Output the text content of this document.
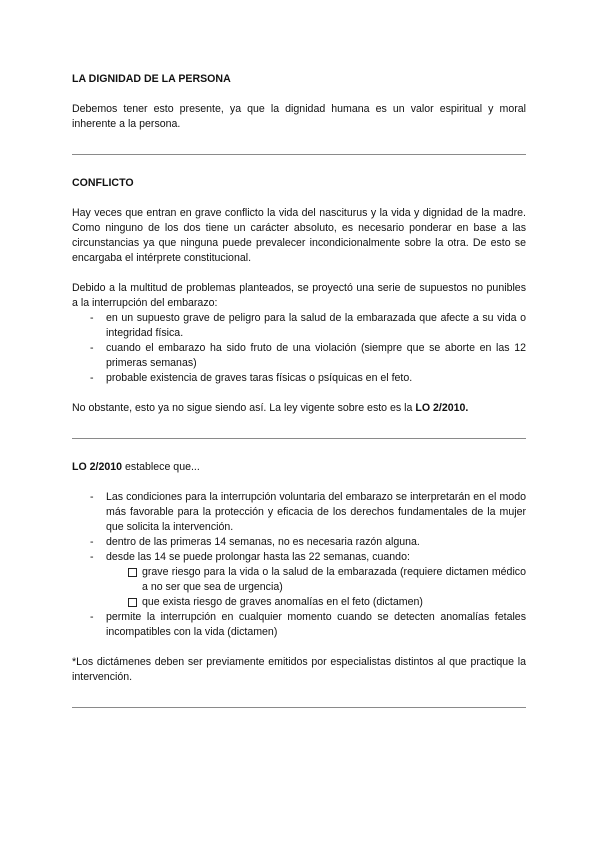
LA DIGNIDAD DE LA PERSONA

Debemos tener esto presente, ya que la dignidad humana es un valor espiritual y moral inherente a la persona.

CONFLICTO

Hay veces que entran en grave conflicto la vida del nasciturus y la vida y dignidad de la madre. Como ninguno de los dos tiene un carácter absoluto, es necesario ponderar en base a las circunstancias ya que ninguna puede prevalecer incondicionalmente sobre la otra. De esto se encargaba el intérprete constitucional.

Debido a la multitud de problemas planteados, se proyectó una serie de supuestos no punibles a la interrupción del embarazo:

- en un supuesto grave de peligro para la salud de la embarazada que afecte a su vida o integridad física.
- cuando el embarazo ha sido fruto de una violación (siempre que se aborte en las 12 primeras semanas)
- probable existencia de graves taras físicas o psíquicas en el feto.

No obstante, esto ya no sigue siendo así. La ley vigente sobre esto es la LO 2/2010.

LO 2/2010 establece que...

- Las condiciones para la interrupción voluntaria del embarazo se interpretarán en el modo más favorable para la protección y eficacia de los derechos fundamentales de la mujer que solicita la intervención.
- dentro de las primeras 14 semanas, no es necesaria razón alguna.
- desde las 14 se puede prolongar hasta las 22 semanas, cuando:
grave riesgo para la vida o la salud de la embarazada (requiere dictamen médico a no ser que sea de urgencia)
que exista riesgo de graves anomalías en el feto (dictamen)
- permite la interrupción en cualquier momento cuando se detecten anomalías fetales incompatibles con la vida (dictamen)

*Los dictámenes deben ser previamente emitidos por especialistas distintos al que practique la intervención.
